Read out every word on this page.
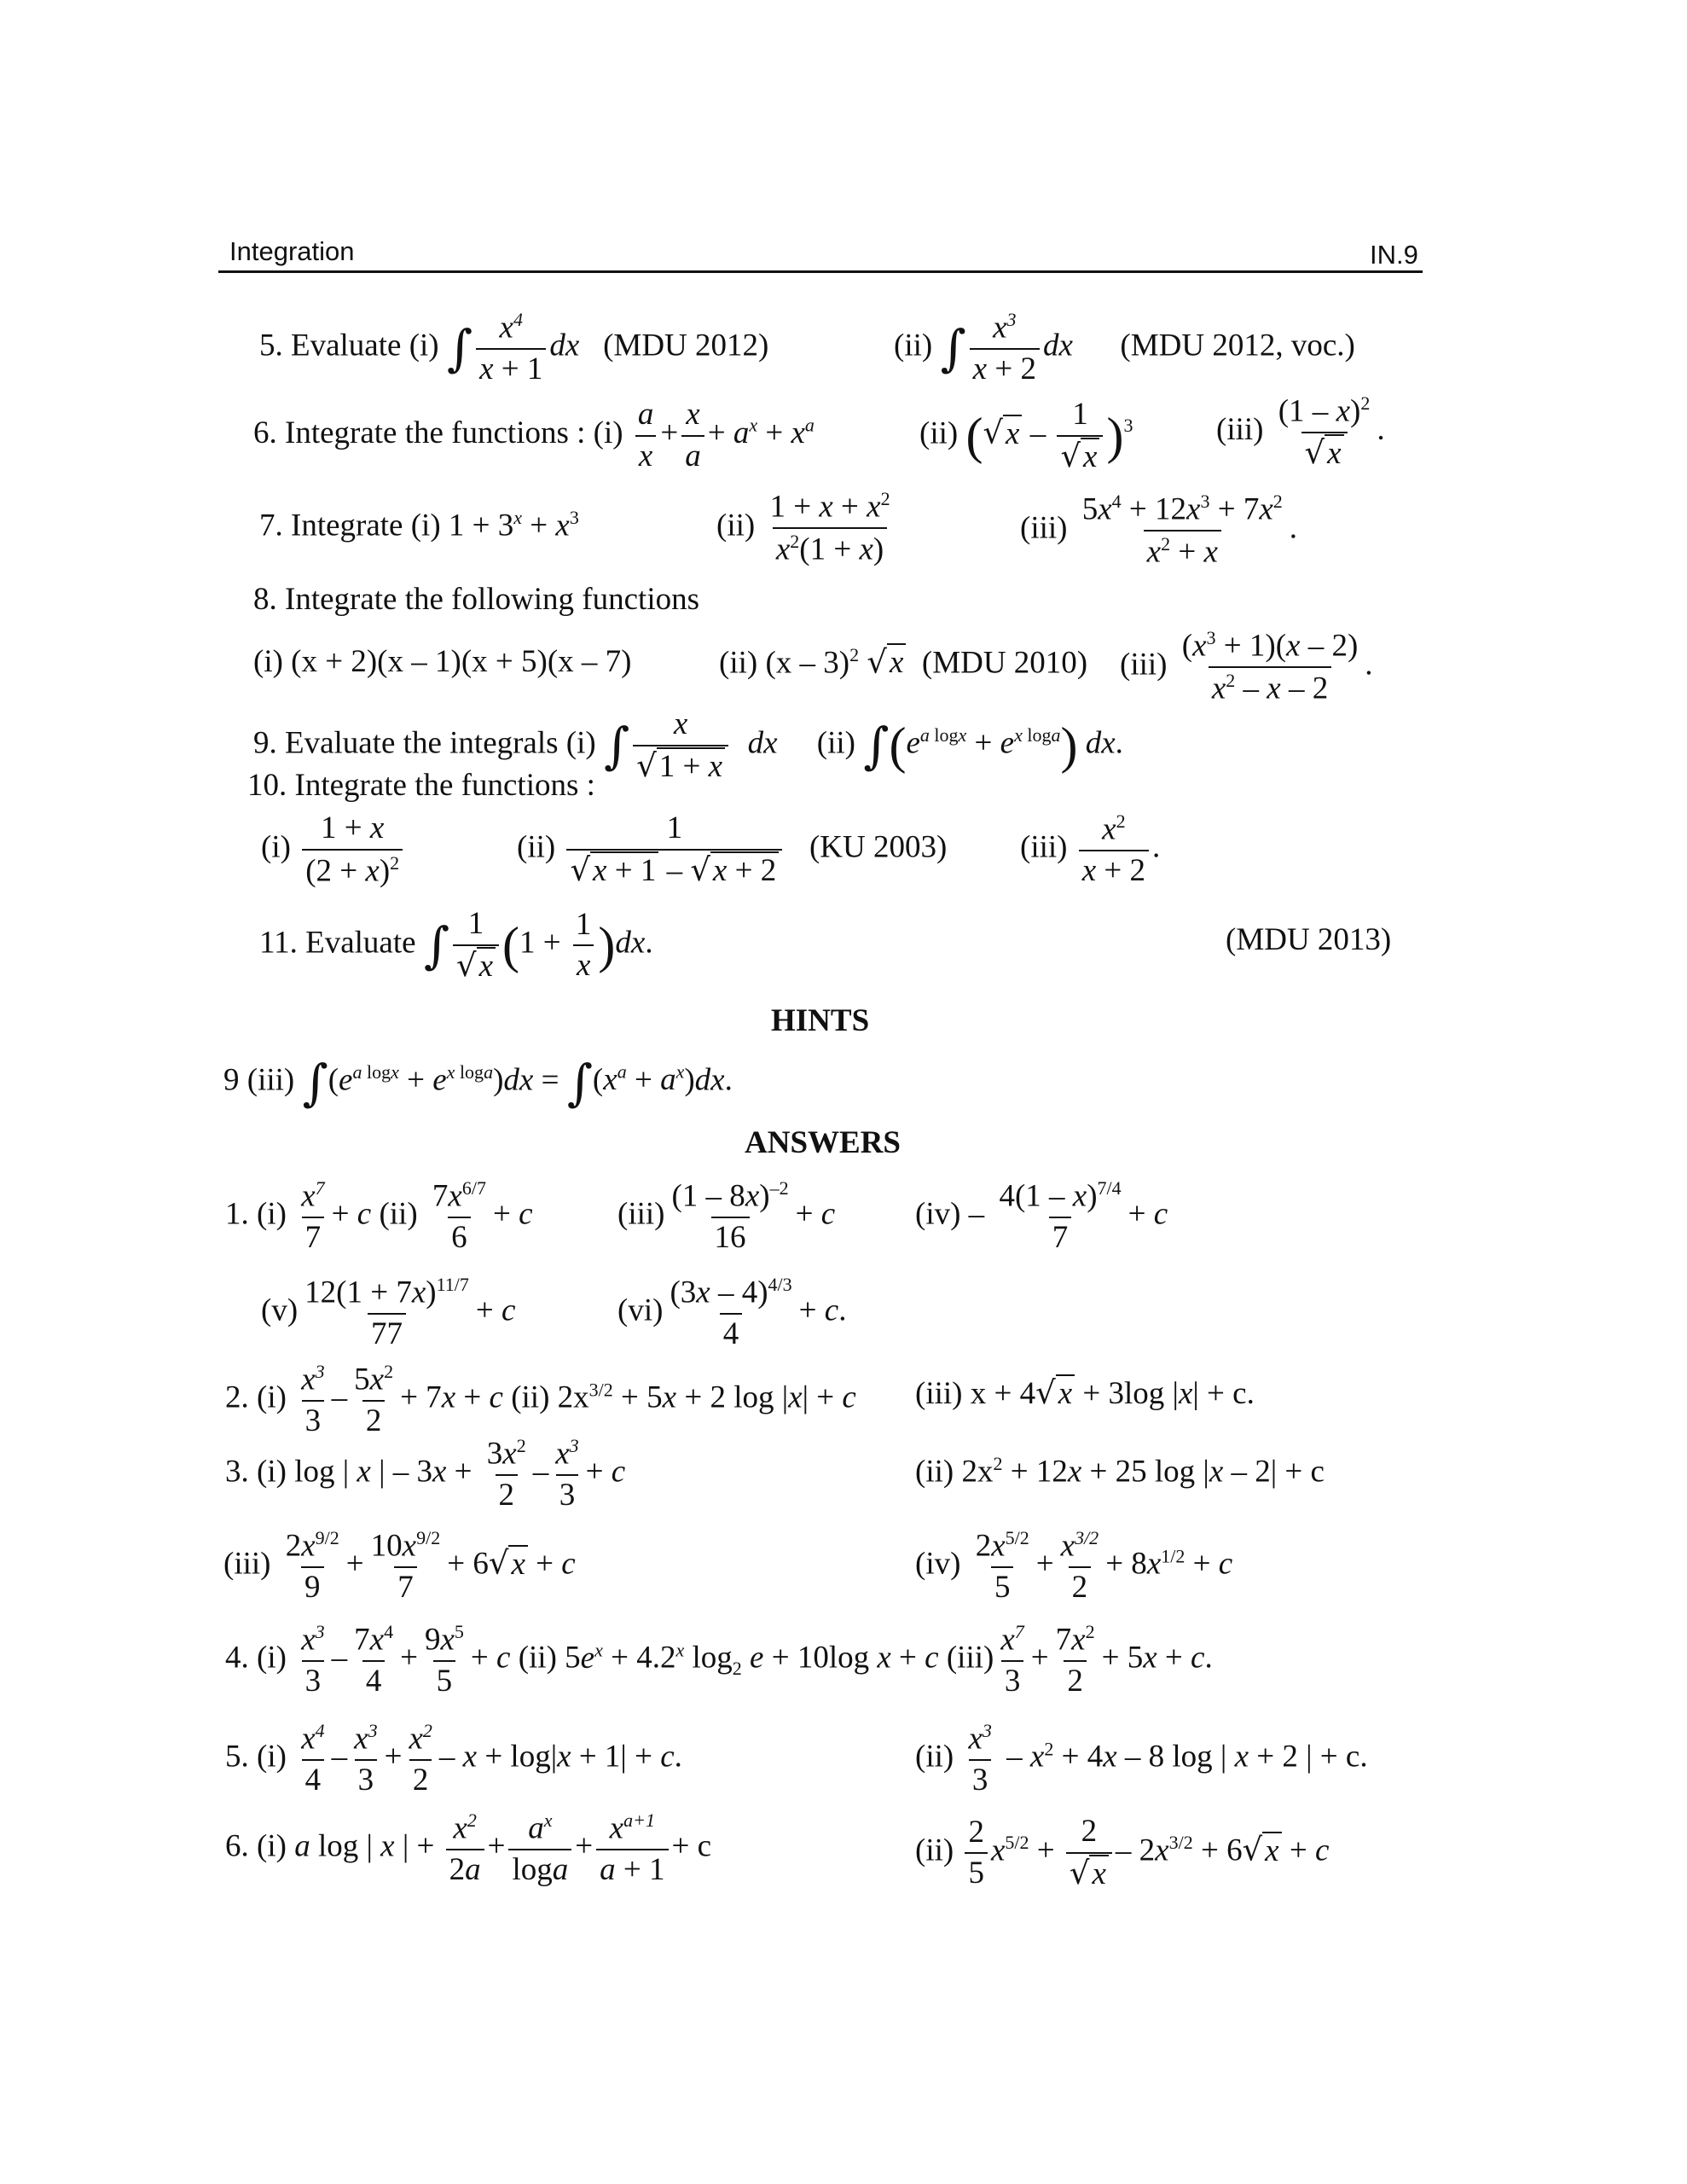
Integration	IN.9
5. Evaluate (i) ∫ $\frac{x^4}{x + 1}$ dx (MDU 2012)	(ii) ∫ $\frac{x^3}{x + 2}$ dx (MDU 2012, voc.)
6. Integrate the functions : $(i) \frac{a}{x} + \frac{x}{a} + a^x + x^a$	(ii) $(√x - \frac{1}{√x} )^3$	$(iii) \frac{(1 - x)^2}{√x}$ .
7. Integrate (i) $1 + 3^x + x^3$	$(ii) \frac{1 + x + x^2}{x^2(1 + x)}$	$(iii) \frac{5x^4 + 12x^3 + 7x^2}{x^2 + x}$ .
8. Integrate the following functions
(i) (x + 2)(x – 1)(x + 5)(x – 7)	(ii) (x – 3)$^2$ √x (MDU 2010) $(iii) \frac{(x^3 + 1)(x - 2)}{x^2 - x - 2}$ .
9. Evaluate the integrals (i) ∫ $\frac{x}{√1 + x}$ dx (ii) $\int(e^{a logx} + e^{x loga})$ dx.
10. Integrate the functions :
$(i) \frac{1 + x}{(2 + x)^2}$	$(ii) \frac{1}{√x + 1 - √x + 2} (KU$ 2003) $(iii) \frac{x^2}{x + 2}$ .
11. Evaluate ∫ $\frac{1}{√x} (1 + \frac{1}{x} )dx$.	(MDU 2013)
HINTS
9 (iii) $\int(e^{a logx} + e^{x loga})dx = \int(x^a + a^x)dx$.
ANSWERS
1. $(i) \frac{x^7}{7} + c$ $(ii) \frac{7x^{6/7}}{6} + c$	$(iii) \frac{(1 - 8x)^{-2}}{16} + c$	$(iv) - \frac{4(1 - x)^{7/4}}{7} + c$
$(v) \frac{12(1 + 7x)^{11/7}}{77} + c$	$(vi) \frac{(3x - 4)^{4/3}}{4} + c$.
2. $(i) \frac{x^3}{3} - \frac{5x^2}{2} + 7x + c$ (ii) $2x^{3/2} + 5x + 2$ log |x| + c (iii) x + 4√x + 3log |x| + c.
3. (i) log | x | – $3x + \frac{3x^2}{2} - \frac{x^3}{3} + c$	(ii) $2x^2 + 12x + 25$ log |x – 2| + c
$(iii) \frac{2x^{9/2}}{9} + \frac{10x^{9/2}}{7} + 6√x + c$	$(iv) \frac{2x^{5/2}}{5} + \frac{x^{3/2}}{2} + 8x^{1/2} + c$
4. $(i) \frac{x^3}{3} - \frac{7x^4}{4} + \frac{9x^5}{5} + c$ (ii) $5e^x + 4.2^x$ $\log_2 e + 10\log$ x + c $(iii) \frac{x^7}{3} + \frac{7x^2}{2} + 5x + c$.
5. $(i) \frac{x^4}{4} - \frac{x^3}{3} + \frac{x^2}{2} - x + \log|x + 1| + c$.	$(ii) \frac{x^3}{3} - x^2 + 4x - 8$ log | x + 2 | + c.
6. (i) a log | x | + $\frac{x^2}{2a} + \frac{a^x}{\log a} + \frac{x^{a+1}}{a + 1} + c$	$(ii) \frac{2}{5} x^{5/2} + \frac{2}{√x} - 2x^{3/2} + 6√x + c$
